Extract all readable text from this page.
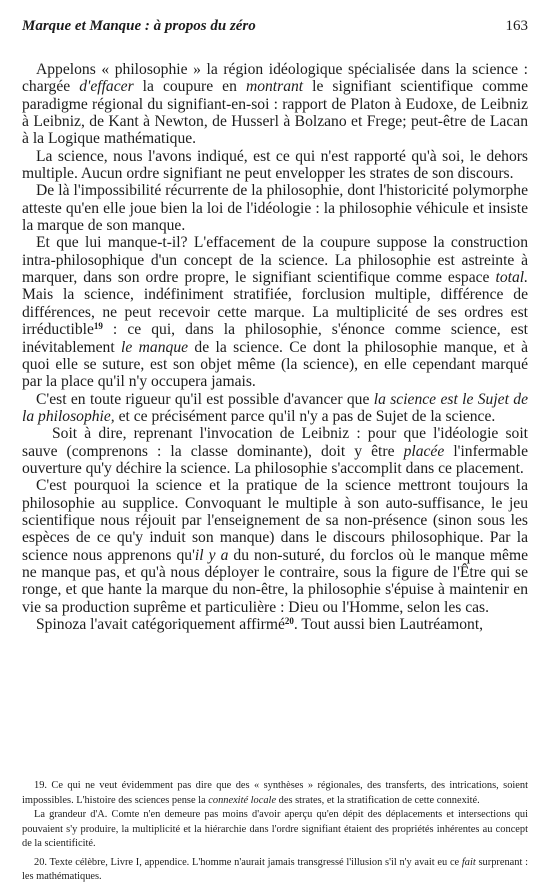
Marque et Manque : à propos du zéro	163

Appelons « philosophie » la région idéologique spécialisée dans la science : chargée d'effacer la coupure en montrant le signifiant scientifique comme paradigme régional du signifiant-en-soi : rapport de Platon à Eudoxe, de Leibniz à Leibniz, de Kant à Newton, de Husserl à Bolzano et Frege; peut-être de Lacan à la Logique mathématique.

La science, nous l'avons indiqué, est ce qui n'est rapporté qu'à soi, le dehors multiple. Aucun ordre signifiant ne peut envelopper les strates de son discours.

De là l'impossibilité récurrente de la philosophie, dont l'historicité polymorphe atteste qu'en elle joue bien la loi de l'idéologie : la philosophie véhicule et insiste la marque de son manque.

Et que lui manque-t-il? L'effacement de la coupure suppose la construction intra-philosophique d'un concept de la science. La philosophie est astreinte à marquer, dans son ordre propre, le signifiant scientifique comme espace total. Mais la science, indéfiniment stratifiée, forclusion multiple, différence de différences, ne peut recevoir cette marque. La multiplicité de ses ordres est irréductible$^{19}$ : ce qui, dans la philosophie, s'énonce comme science, est inévitablement le manque de la science. Ce dont la philosophie manque, et à quoi elle se suture, est son objet même (la science), en elle cependant marqué par la place qu'il n'y occupera jamais.

C'est en toute rigueur qu'il est possible d'avancer que la science est le Sujet de la philosophie, et ce précisément parce qu'il n'y a pas de Sujet de la science.

Soit à dire, reprenant l'invocation de Leibniz : pour que l'idéologie soit sauve (comprenons : la classe dominante), doit y être placée l'infermable ouverture qu'y déchire la science. La philosophie s'accomplit dans ce placement.

C'est pourquoi la science et la pratique de la science mettront toujours la philosophie au supplice. Convoquant le multiple à son auto-suffisance, le jeu scientifique nous réjouit par l'enseignement de sa non-présence (sinon sous les espèces de ce qu'y induit son manque) dans le discours philosophique. Par la science nous apprenons qu'il y a du non-suturé, du forclos où le manque même ne manque pas, et qu'à nous déployer le contraire, sous la figure de l'Être qui se ronge, et que hante la marque du non-être, la philosophie s'épuise à maintenir en vie sa production suprême et particulière : Dieu ou l'Homme, selon les cas.

Spinoza l'avait catégoriquement affirmé$^{20}$. Tout aussi bien Lautréamont,

19. Ce qui ne veut évidemment pas dire que des « synthèses » régionales, des transferts, des intrications, soient impossibles. L'histoire des sciences pense la connexité locale des strates, et la stratification de cette connexité.

La grandeur d'A. Comte n'en demeure pas moins d'avoir aperçu qu'en dépit des déplacements et intersections qui pouvaient s'y produire, la multiplicité et la hiérarchie dans l'ordre signifiant étaient des propriétés inhérentes au concept de la scientificité.

20. Texte célèbre, Livre I, appendice. L'homme n'aurait jamais transgressé l'illusion s'il n'y avait eu ce fait surprenant : les mathématiques.
